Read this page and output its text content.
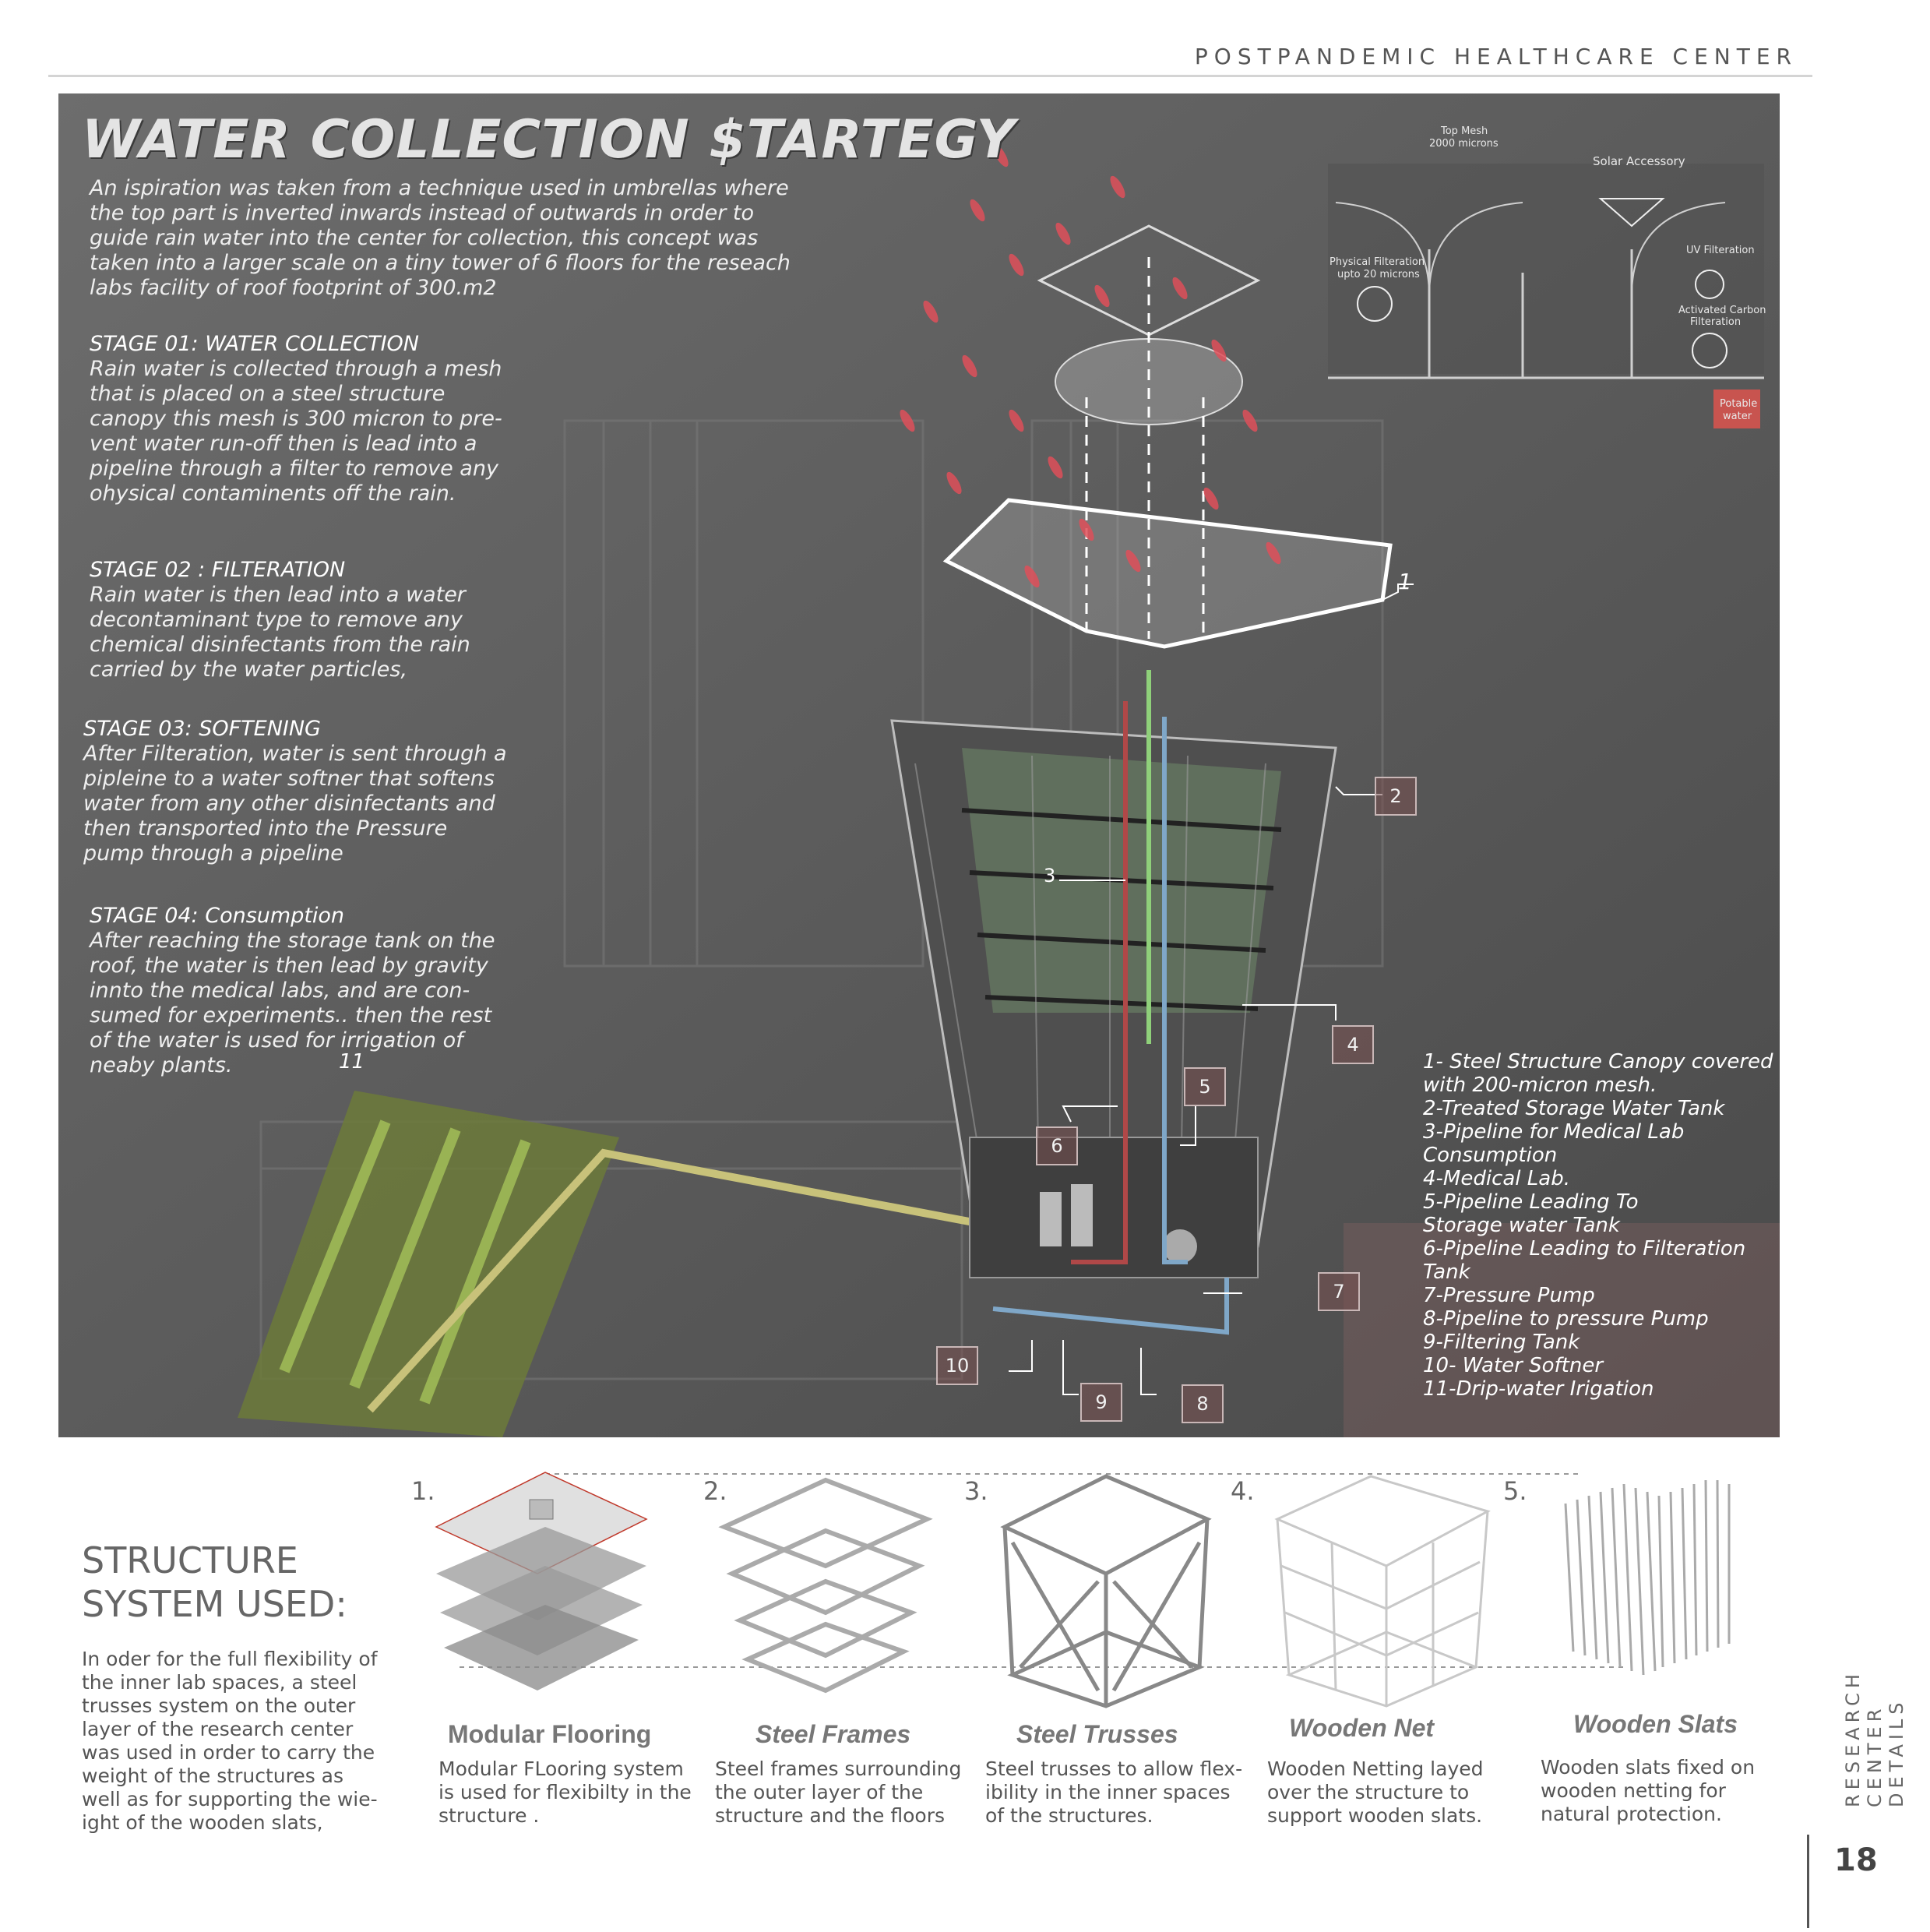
POSTPANDEMIC HEALTHCARE CENTER
Top Mesh
2000 microns
Solar Accessory
Physical Filteration
upto 20 microns
UV Filteration
Activated Carbon
Filteration
Potable
water
WATER COLLECTION $TARTEGY
An ispiration was taken from a technique used in umbrellas where
the top part is inverted inwards instead of outwards in order to
guide rain water into the center for collection, this concept was
taken into a larger scale on a tiny tower of 6 floors for the reseach
labs facility of roof footprint of 300.m2
STAGE 01: WATER COLLECTION
Rain water is collected through a mesh
that is placed on a steel structure
canopy this mesh is 300 micron to pre-
vent water run-off then is lead into a
pipeline through a filter to remove any
ohysical contaminents off the rain.
STAGE 02 : FILTERATION
Rain water is then lead into a water
decontaminant type to remove any
chemical disinfectants from the rain
carried by the water particles,
STAGE 03: SOFTENING
After Filteration, water is sent through a
pipleine to a water softner that softens
water from any other disinfectants and
then transported into the Pressure
pump through a pipeline
STAGE 04: Consumption
After reaching the storage tank on the
roof, the water is then lead by gravity
innto the medical labs, and are con-
sumed for experiments.. then the rest
of the water is used for irrigation of
neaby plants.
1
2
3
4
5
6
7
8
9
10
11	1- Steel Structure Canopy covered
with 200-micron mesh.
2-Treated Storage Water Tank
3-Pipeline for Medical Lab
Consumption
4-Medical Lab.
5-Pipeline Leading To
Storage water Tank
6-Pipeline Leading to Filteration
Tank
7-Pressure Pump
8-Pipeline to pressure Pump
9-Filtering Tank
10- Water Softner
11-Drip-water Irigation
STRUCTURE
SYSTEM USED:
In oder for the full flexibility of
the inner lab spaces, a steel
trusses system on the outer
layer of the research center
was used in order to carry the
weight of the structures as
well as for supporting the wie-
ight of the wooden slats,
1.	2.	3.	4.	5.
Modular Flooring	Steel Frames	Steel Trusses	Wooden Net	Wooden Slats
Modular FLooring system
is used for flexibilty in the
structure .
Steel frames surrounding
the outer layer of the
structure and the floors
Steel trusses to allow flex-
ibility in the inner spaces
of the structures.
Wooden Netting layed
over the structure to
support wooden slats.
Wooden slats fixed on
wooden netting for
natural protection.
RESEARCH CENTER DETAILS
18
